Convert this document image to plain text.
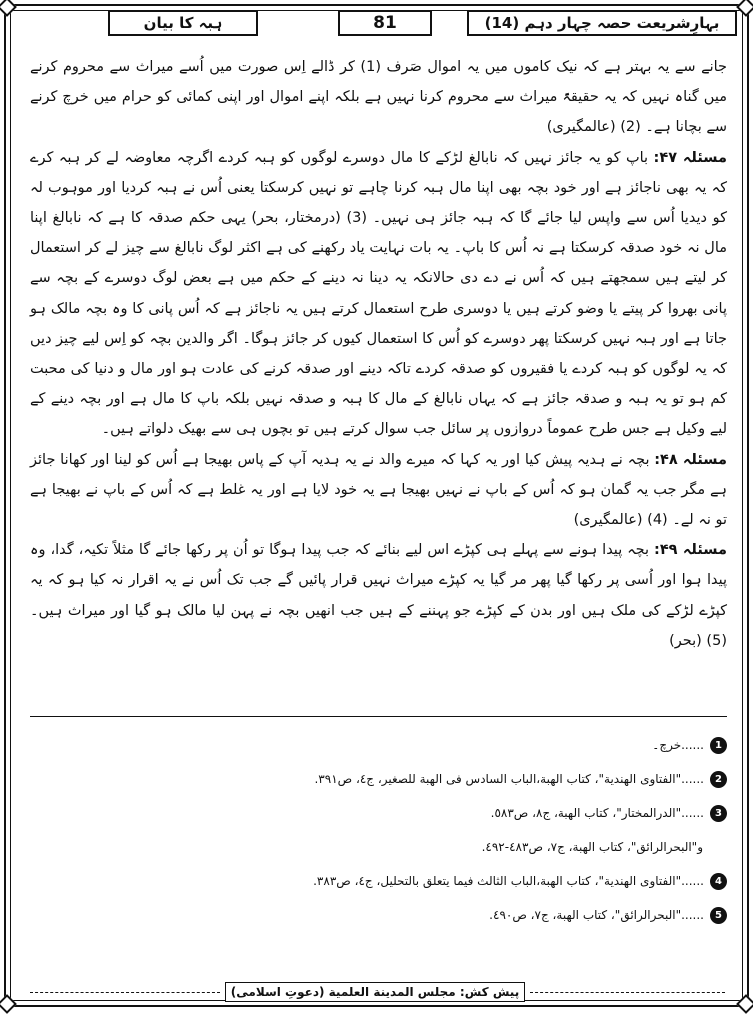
بہارِشریعت حصہ چہار دہم (14)
81
ہبہ کا بیان

جانے سے یہ بہتر ہے کہ نیک کاموں میں یہ اموال صَرف (1) کر ڈالے اِس صورت میں اُسے میراث سے محروم کرنے میں گناہ نہیں کہ یہ حقیقۃً میراث سے محروم کرنا نہیں ہے بلکہ اپنے اموال اور اپنی کمائی کو حرام میں خرچ کرنے سے بچانا ہے۔ (2) (عالمگیری)

مسئلہ ۴۷: باپ کو یہ جائز نہیں کہ نابالغ لڑکے کا مال دوسرے لوگوں کو ہبہ کردے اگرچہ معاوضہ لے کر ہبہ کرے کہ یہ بھی ناجائز ہے اور خود بچہ بھی اپنا مال ہبہ کرنا چاہے تو نہیں کرسکتا یعنی اُس نے ہبہ کردیا اور موہوب لہ کو دیدیا اُس سے واپس لیا جائے گا کہ ہبہ جائز ہی نہیں۔ (3) (درمختار، بحر) یہی حکم صدقہ کا ہے کہ نابالغ اپنا مال نہ خود صدقہ کرسکتا ہے نہ اُس کا باپ۔ یہ بات نہایت یاد رکھنے کی ہے اکثر لوگ نابالغ سے چیز لے کر استعمال کر لیتے ہیں سمجھتے ہیں کہ اُس نے دے دی حالانکہ یہ دینا نہ دینے کے حکم میں ہے بعض لوگ دوسرے کے بچہ سے پانی بھروا کر پیتے یا وضو کرتے ہیں یا دوسری طرح استعمال کرتے ہیں یہ ناجائز ہے کہ اُس پانی کا وہ بچہ مالک ہو جاتا ہے اور ہبہ نہیں کرسکتا پھر دوسرے کو اُس کا استعمال کیوں کر جائز ہوگا۔ اگر والدین بچہ کو اِس لیے چیز دیں کہ یہ لوگوں کو ہبہ کردے یا فقیروں کو صدقہ کردے تاکہ دینے اور صدقہ کرنے کی عادت ہو اور مال و دنیا کی محبت کم ہو تو یہ ہبہ و صدقہ جائز ہے کہ یہاں نابالغ کے مال کا ہبہ و صدقہ نہیں بلکہ باپ کا مال ہے اور بچہ دینے کے لیے وکیل ہے جس طرح عموماً دروازوں پر سائل جب سوال کرتے ہیں تو بچوں ہی سے بھیک دلواتے ہیں۔

مسئلہ ۴۸: بچہ نے ہدیہ پیش کیا اور یہ کہا کہ میرے والد نے یہ ہدیہ آپ کے پاس بھیجا ہے اُس کو لینا اور کھانا جائز ہے مگر جب یہ گمان ہو کہ اُس کے باپ نے نہیں بھیجا ہے یہ خود لایا ہے اور یہ غلط ہے کہ اُس کے باپ نے بھیجا ہے تو نہ لے۔ (4) (عالمگیری)

مسئلہ ۴۹: بچہ پیدا ہونے سے پہلے ہی کپڑے اس لیے بنائے کہ جب پیدا ہوگا تو اُن پر رکھا جائے گا مثلاً تکیہ، گدا، وہ پیدا ہوا اور اُسی پر رکھا گیا پھر مر گیا یہ کپڑے میراث نہیں قرار پائیں گے جب تک اُس نے یہ اقرار نہ کیا ہو کہ یہ کپڑے لڑکے کی ملک ہیں اور بدن کے کپڑے جو پہننے کے ہیں جب انھیں بچہ نے پہن لیا مالک ہو گیا اور میراث ہیں۔ (5) (بحر)

1
......خرچ۔
2
......"الفتاوی الهندیة"، کتاب الهبة،الباب السادس فی الهبة للصغیر، ج٤، ص٣٩١.
3
......"الدرالمختار"، کتاب الهبة، ج٨، ص٥٨٣.
و"البحرالرائق"، کتاب الهبة، ج٧، ص٤٨٣-٤٩٢.
4
......"الفتاوی الهندیة"، کتاب الهبة،الباب الثالث فیما یتعلق بالتحلیل، ج٤، ص٣٨٣.
5
......"البحرالرائق"، کتاب الهبة، ج٧، ص٤٩٠.
پیش کش: مجلس المدینة العلمیة (دعوتِ اسلامی)
